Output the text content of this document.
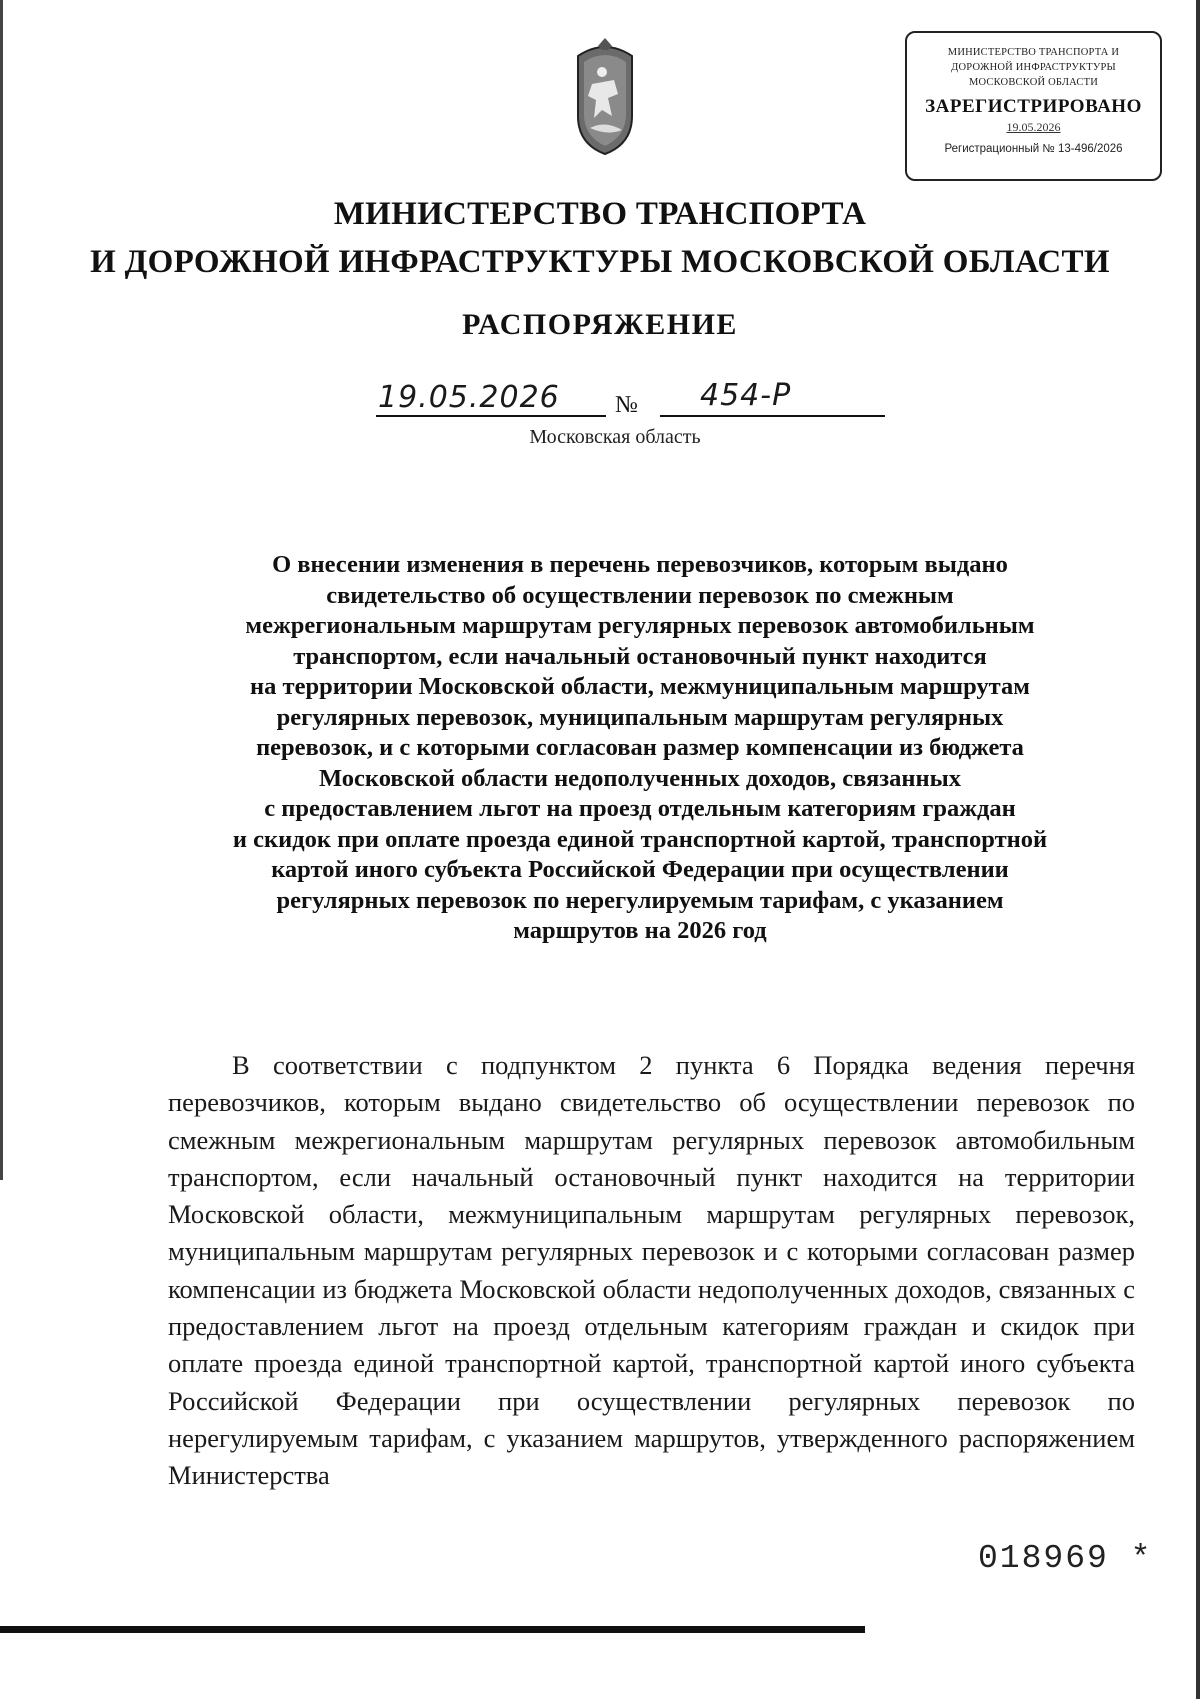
МИНИСТЕРСТВО ТРАНСПОРТА И
ДОРОЖНОЙ ИНФРАСТРУКТУРЫ
МОСКОВСКОЙ ОБЛАСТИ
ЗАРЕГИСТРИРОВАНО
19.05.2026
Регистрационный № 13-496/2026
МИНИСТЕРСТВО ТРАНСПОРТА
И ДОРОЖНОЙ ИНФРАСТРУКТУРЫ МОСКОВСКОЙ ОБЛАСТИ
РАСПОРЯЖЕНИЕ
19.05.2026 № 454-Р
Московская область
О внесении изменения в перечень перевозчиков, которым выдано
свидетельство об осуществлении перевозок по смежным
межрегиональным маршрутам регулярных перевозок автомобильным
транспортом, если начальный остановочный пункт находится
на территории Московской области, межмуниципальным маршрутам
регулярных перевозок, муниципальным маршрутам регулярных
перевозок, и с которыми согласован размер компенсации из бюджета
Московской области недополученных доходов, связанных
с предоставлением льгот на проезд отдельным категориям граждан
и скидок при оплате проезда единой транспортной картой, транспортной
картой иного субъекта Российской Федерации при осуществлении
регулярных перевозок по нерегулируемым тарифам, с указанием
маршрутов на 2026 год
В соответствии с подпунктом 2 пункта 6 Порядка ведения перечня перевозчиков, которым выдано свидетельство об осуществлении перевозок по смежным межрегиональным маршрутам регулярных перевозок автомобильным транспортом, если начальный остановочный пункт находится на территории Московской области, межмуниципальным маршрутам регулярных перевозок, муниципальным маршрутам регулярных перевозок и с которыми согласован размер компенсации из бюджета Московской области недополученных доходов, связанных с предоставлением льгот на проезд отдельным категориям граждан и скидок при оплате проезда единой транспортной картой, транспортной картой иного субъекта Российской Федерации при осуществлении регулярных перевозок по нерегулируемым тарифам, с указанием маршрутов, утвержденного распоряжением Министерства
018969 *
